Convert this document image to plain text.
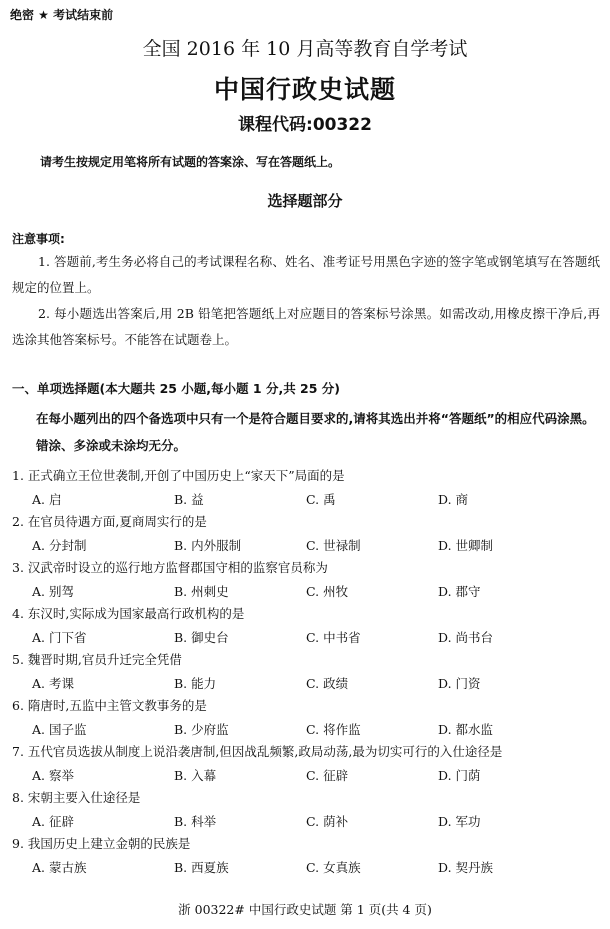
绝密 ★ 考试结束前
全国 2016 年 10 月高等教育自学考试
中国行政史试题
课程代码:00322
请考生按规定用笔将所有试题的答案涂、写在答题纸上。
选择题部分
注意事项:
1. 答题前,考生务必将自己的考试课程名称、姓名、准考证号用黑色字迹的签字笔或钢笔填写在答题纸规定的位置上。
2. 每小题选出答案后,用 2B 铅笔把答题纸上对应题目的答案标号涂黑。如需改动,用橡皮擦干净后,再选涂其他答案标号。不能答在试题卷上。
一、单项选择题(本大题共 25 小题,每小题 1 分,共 25 分)
在每小题列出的四个备选项中只有一个是符合题目要求的,请将其选出并将“答题纸”的相应代码涂黑。错涂、多涂或未涂均无分。
1. 正式确立王位世袭制,开创了中国历史上“家天下”局面的是
A. 启	B. 益	C. 禹	D. 商
2. 在官员待遇方面,夏商周实行的是
A. 分封制	B. 内外服制	C. 世禄制	D. 世卿制
3. 汉武帝时设立的巡行地方监督郡国守相的监察官员称为
A. 别驾	B. 州刺史	C. 州牧	D. 郡守
4. 东汉时,实际成为国家最高行政机构的是
A. 门下省	B. 御史台	C. 中书省	D. 尚书台
5. 魏晋时期,官员升迁完全凭借
A. 考课	B. 能力	C. 政绩	D. 门资
6. 隋唐时,五监中主管文教事务的是
A. 国子监	B. 少府监	C. 将作监	D. 都水监
7. 五代官员选拔从制度上说沿袭唐制,但因战乱频繁,政局动荡,最为切实可行的入仕途径是
A. 察举	B. 入幕	C. 征辟	D. 门荫
8. 宋朝主要入仕途径是
A. 征辟	B. 科举	C. 荫补	D. 军功
9. 我国历史上建立金朝的民族是
A. 蒙古族	B. 西夏族	C. 女真族	D. 契丹族
浙 00322# 中国行政史试题 第 1 页(共 4 页)
